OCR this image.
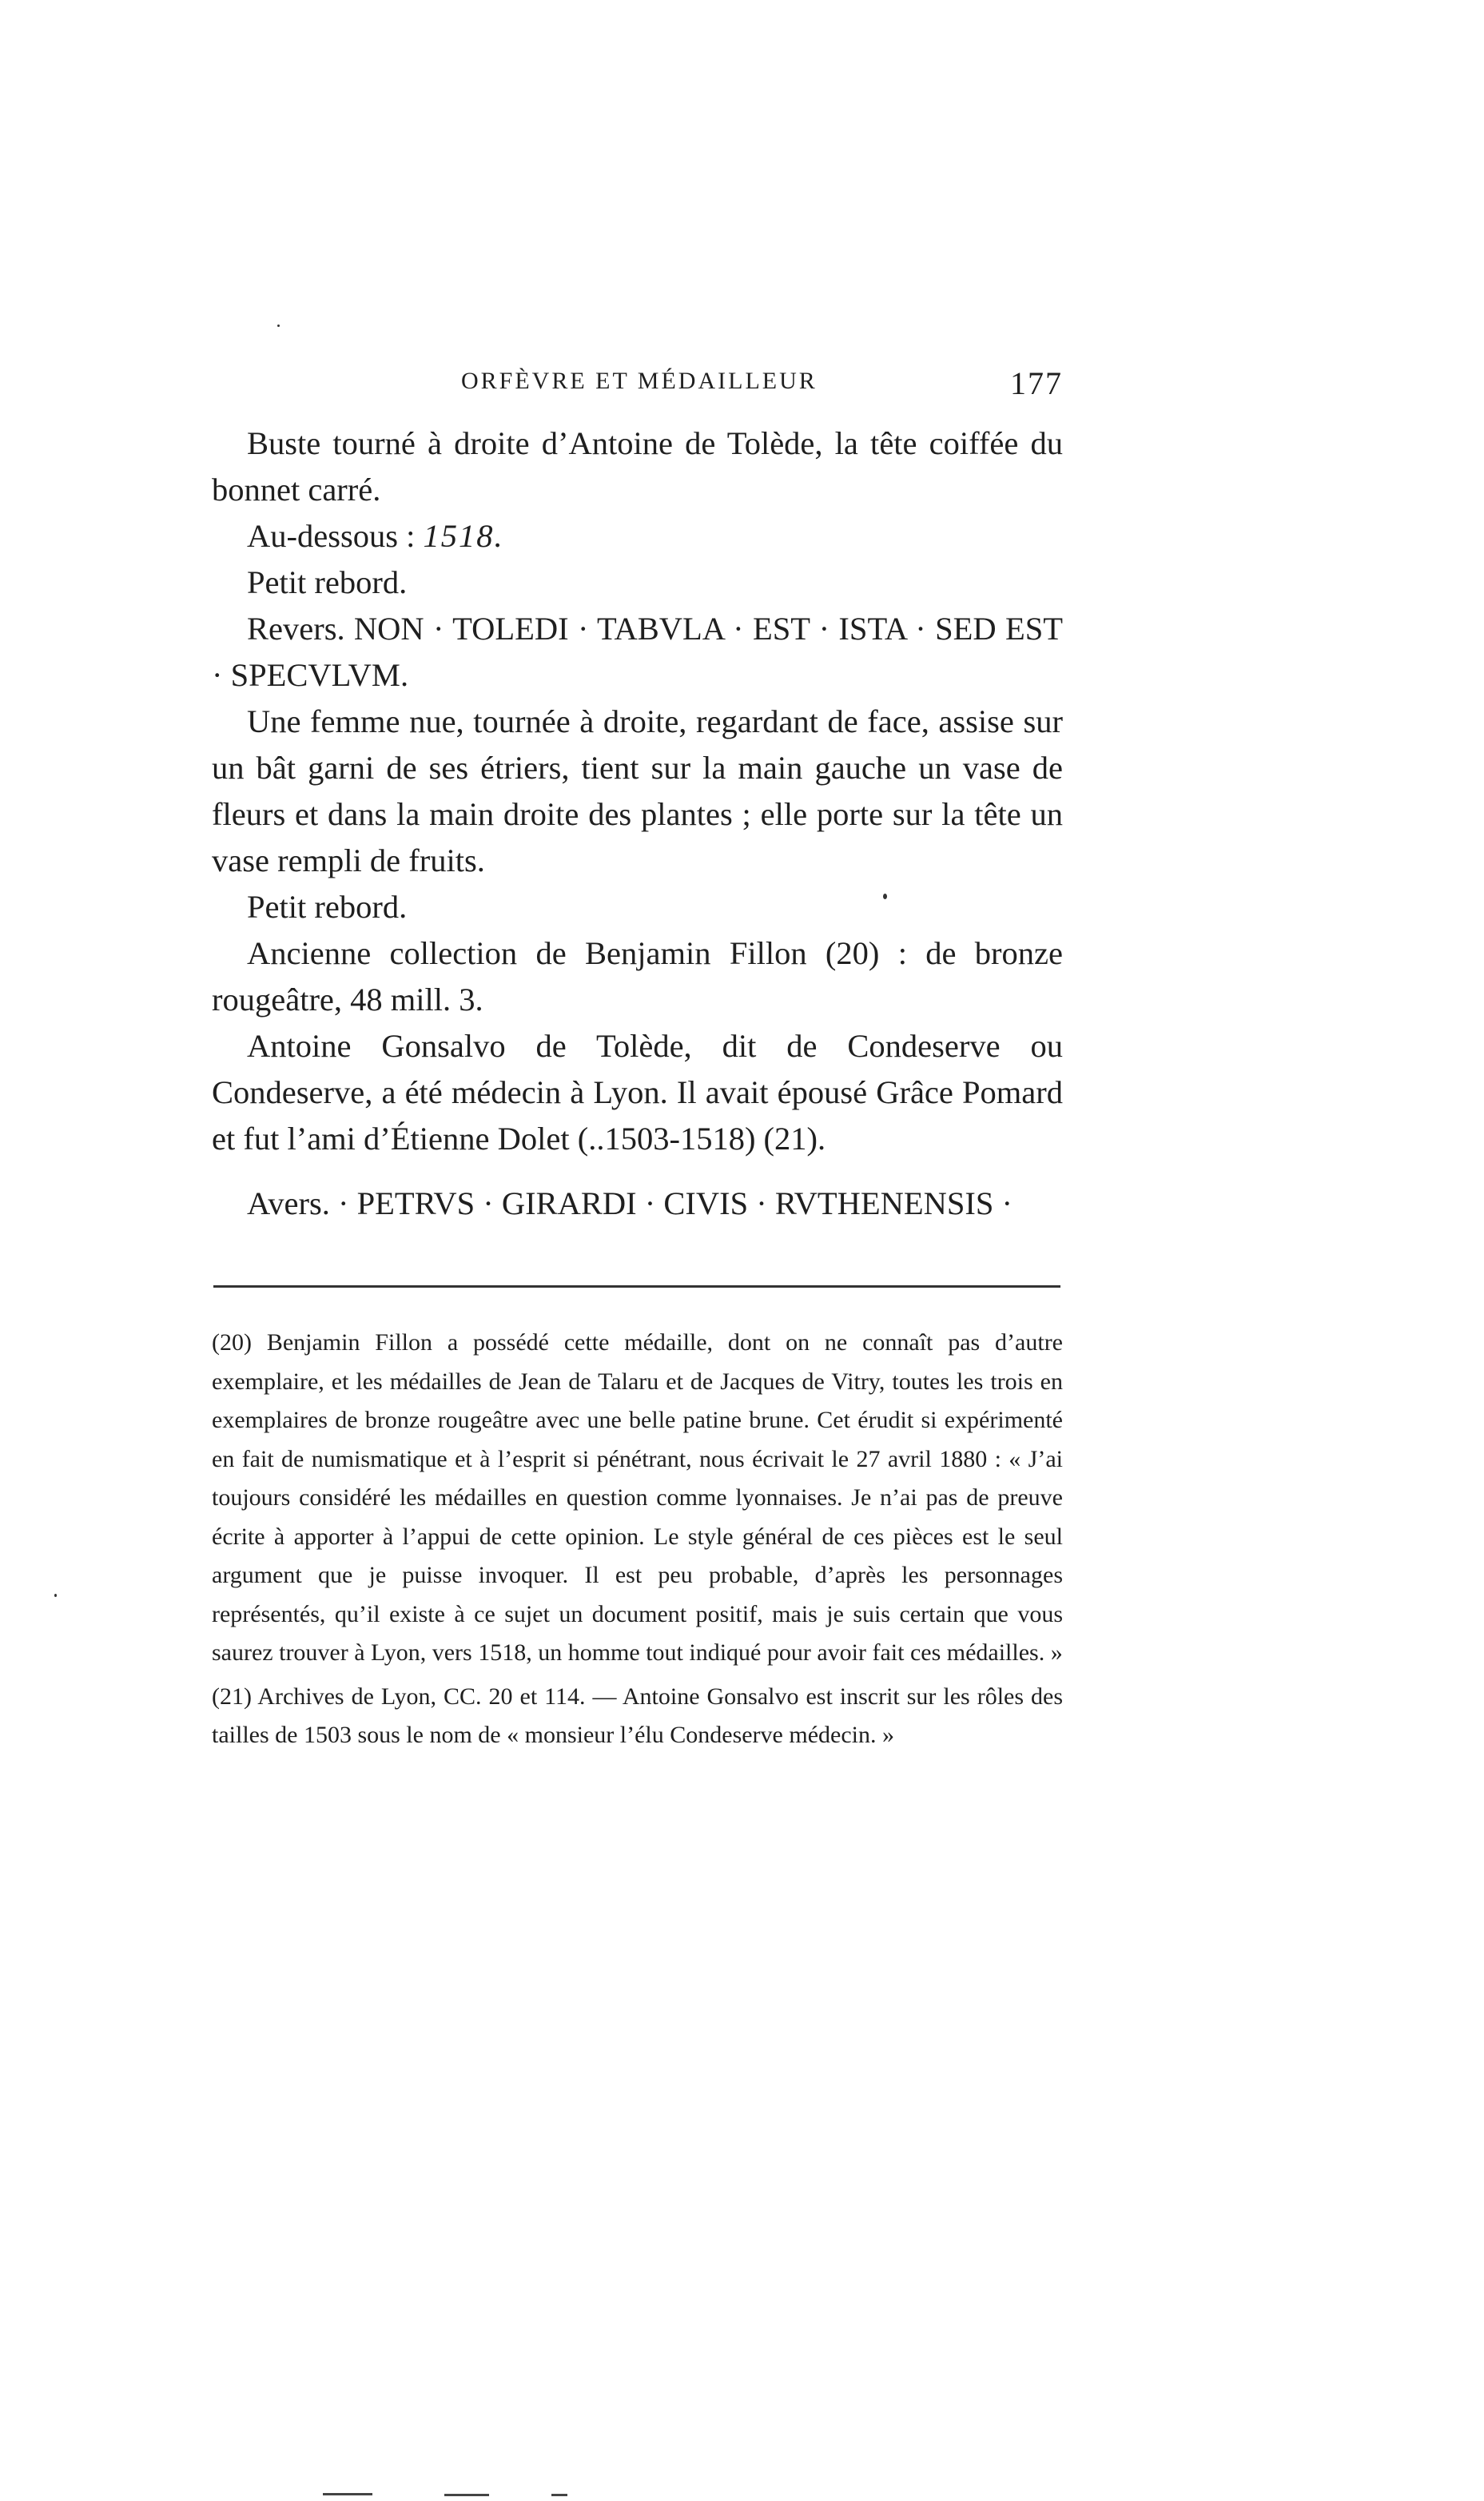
ORFÈVRE ET MÉDAILLEUR	177

Buste tourné à droite d’Antoine de Tolède, la tête coiffée du bonnet carré.

Au-dessous : 1518.

Petit rebord.

Revers. NON · TOLEDI · TABVLA · EST · ISTA · SED EST · SPECVLVM.

Une femme nue, tournée à droite, regardant de face, assise sur un bât garni de ses étriers, tient sur la main gauche un vase de fleurs et dans la main droite des plantes ; elle porte sur la tête un vase rempli de fruits.

Petit rebord.

Ancienne collection de Benjamin Fillon (20) : de bronze rougeâtre, 48 mill. 3.

Antoine Gonsalvo de Tolède, dit de Condeserve ou Condeserve, a été médecin à Lyon. Il avait épousé Grâce Pomard et fut l’ami d’Étienne Dolet (..1503-1518) (21).

Avers. · PETRVS · GIRARDI · CIVIS · RVTHENENSIS ·

(20) Benjamin Fillon a possédé cette médaille, dont on ne connaît pas d’autre exemplaire, et les médailles de Jean de Talaru et de Jacques de Vitry, toutes les trois en exemplaires de bronze rougeâtre avec une belle patine brune. Cet érudit si expérimenté en fait de numismatique et à l’esprit si pénétrant, nous écrivait le 27 avril 1880 : « J’ai toujours considéré les médailles en question comme lyonnaises. Je n’ai pas de preuve écrite à apporter à l’appui de cette opinion. Le style général de ces pièces est le seul argument que je puisse invoquer. Il est peu probable, d’après les personnages représentés, qu’il existe à ce sujet un document positif, mais je suis certain que vous saurez trouver à Lyon, vers 1518, un homme tout indiqué pour avoir fait ces médailles. »

(21) Archives de Lyon, CC. 20 et 114. — Antoine Gonsalvo est inscrit sur les rôles des tailles de 1503 sous le nom de « monsieur l’élu Condeserve médecin. »
